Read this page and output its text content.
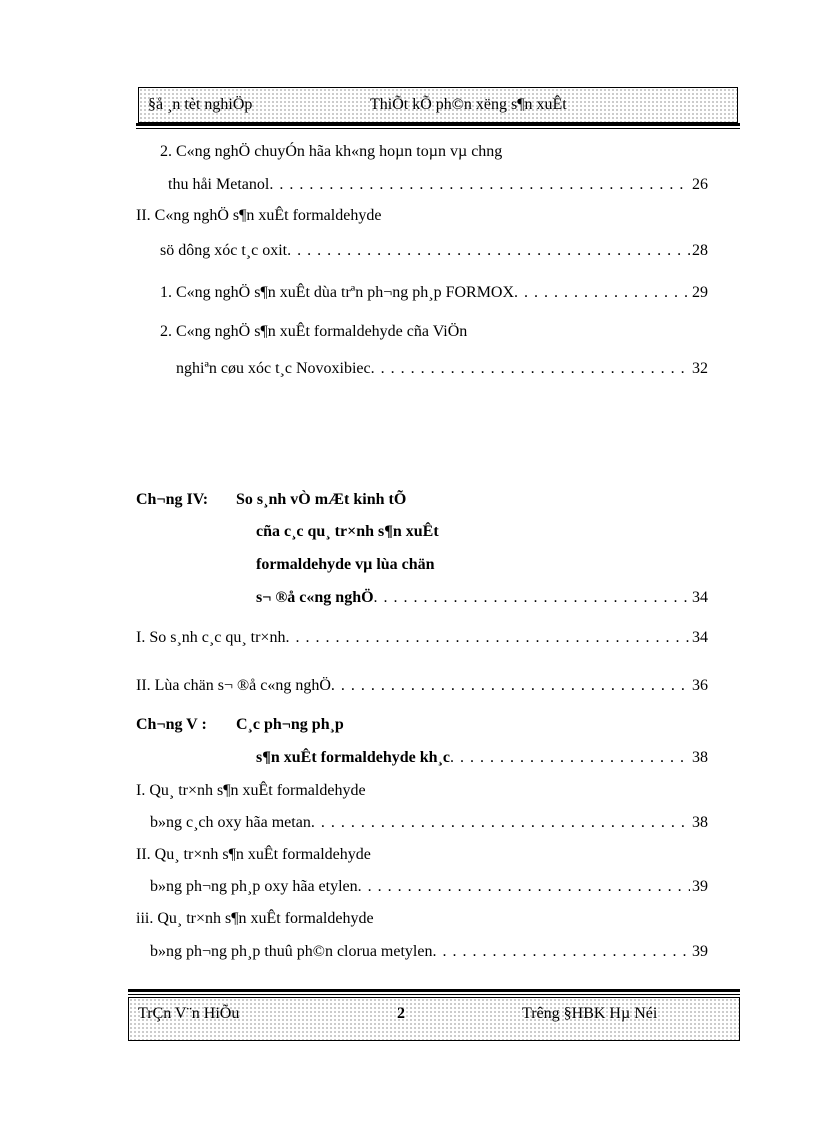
§å ¸n tèt nghiÖp	ThiÕt kÕ ph©n xëng s¶n xuÊt
2. C«ng nghÖ chuyÓn hãa kh«ng hoµn toµn vµ chng
thu håi Metanol . . .	26
II. C«ng nghÖ s¶n xuÊt formaldehyde
sö dông xóc t¸c oxit . . .	28
1. C«ng nghÖ s¶n xuÊt dùa trªn ph¬ng ph¸p FORMOX . . .	29
2. C«ng nghÖ s¶n xuÊt formaldehyde cña ViÖn
nghiªn cøu xóc t¸c Novoxibiec . . .	32
Ch¬ng IV: So s¸nh vÒ mÆt kinh tÕ
cña c¸c qu¸ tr×nh s¶n xuÊt
formaldehyde vµ lùa chän
s¬ ®å c«ng nghÖ . . .	34
I. So s¸nh c¸c qu¸ tr×nh . . .	34
II. Lùa chän s¬ ®å c«ng nghÖ . . .	36
Ch¬ng V : C¸c ph¬ng ph¸p
s¶n xuÊt formaldehyde kh¸c . . .	38
I. Qu¸ tr×nh s¶n xuÊt formaldehyde
b»ng c¸ch oxy hãa metan . . .	38
II. Qu¸ tr×nh s¶n xuÊt formaldehyde
b»ng ph¬ng ph¸p oxy hãa etylen . . .	39
iii. Qu¸ tr×nh s¶n xuÊt formaldehyde
b»ng ph¬ng ph¸p thuû ph©n clorua metylen . . .	39
TrÇn V¨n HiÕu	2	Trêng §HBK Hµ Néi
